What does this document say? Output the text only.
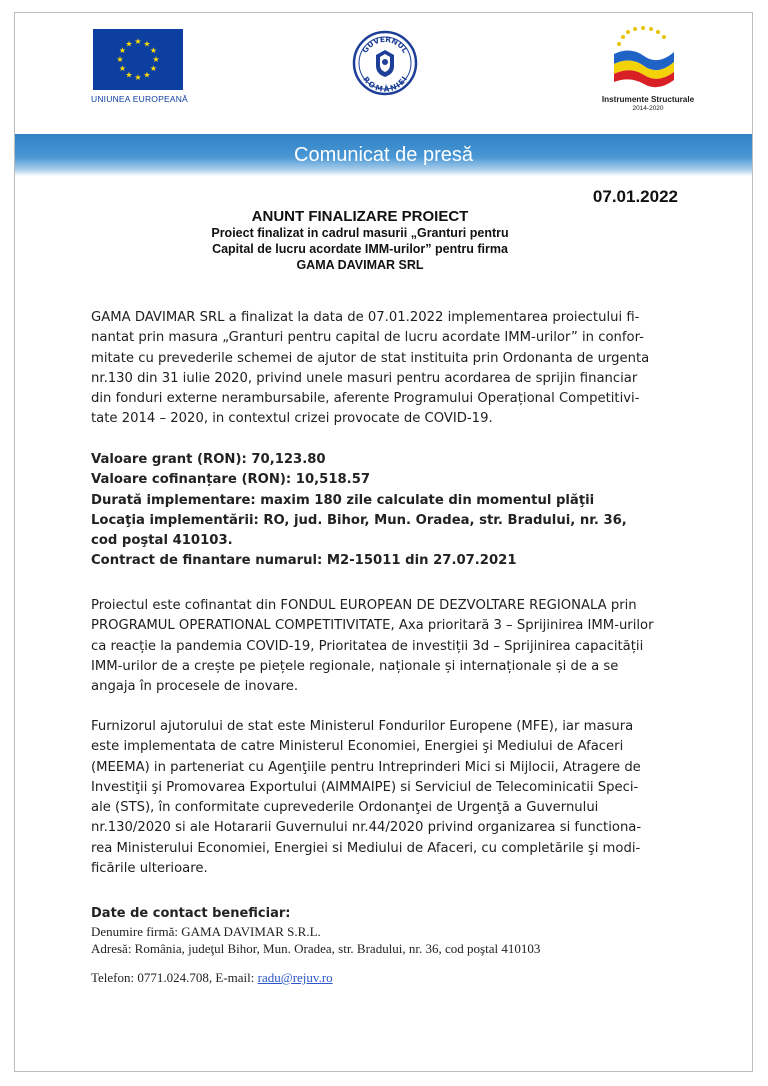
★ ★
★
★
★
★
★
★
★
★
★
★
UNIUNEA EUROPEANĂ
GUVERNUL
ROMÂNIEI
Instrumente Structurale
2014-2020
Comunicat de presă
07.01.2022
ANUNT FINALIZARE PROIECT
Proiect finalizat in cadrul masurii „Granturi pentru
Capital de lucru acordate IMM-urilor” pentru firma
GAMA DAVIMAR SRL
GAMA DAVIMAR SRL a finalizat la data de 07.01.2022 implementarea proiectului fi-
nantat prin masura „Granturi pentru capital de lucru acordate IMM-urilor” in confor-
mitate cu prevederile schemei de ajutor de stat instituita prin Ordonanta de urgenta
nr.130 din 31 iulie 2020, privind unele masuri pentru acordarea de sprijin financiar
din fonduri externe nerambursabile, aferente Programului Operațional Competitivi-
tate 2014 – 2020, in contextul crizei provocate de COVID-19.
Valoare grant (RON): 70,123.80
Valoare cofinanțare (RON): 10,518.57
Durată implementare: maxim 180 zile calculate din momentul plăţii
Locaţia implementării: RO, jud. Bihor, Mun. Oradea, str. Bradului, nr. 36,
cod poştal 410103.
Contract de finantare numarul: M2-15011 din 27.07.2021
Proiectul este cofinantat din FONDUL EUROPEAN DE DEZVOLTARE REGIONALA prin
PROGRAMUL OPERATIONAL COMPETITIVITATE, Axa prioritară 3 – Sprijinirea IMM-urilor
ca reacție la pandemia COVID-19, Prioritatea de investiții 3d – Sprijinirea capacității
IMM-urilor de a crește pe piețele regionale, naționale și internaționale și de a se
angaja în procesele de inovare.
Furnizorul ajutorului de stat este Ministerul Fondurilor Europene (MFE), iar masura
este implementata de catre Ministerul Economiei, Energiei şi Mediului de Afaceri
(MEEMA) in parteneriat cu Agenţiile pentru Intreprinderi Mici si Mijlocii, Atragere de
Investiţii şi Promovarea Exportului (AIMMAIPE) si Serviciul de Telecominicatii Speci-
ale (STS), în conformitate cuprevederile Ordonanţei de Urgenţă a Guvernului
nr.130/2020 si ale Hotararii Guvernului nr.44/2020 privind organizarea si functiona-
rea Ministerului Economiei, Energiei si Mediului de Afaceri, cu completările şi modi-
ficările ulterioare.
Date de contact beneficiar:
Denumire firmă: GAMA DAVIMAR S.R.L.
Adresă: România, judeţul Bihor, Mun. Oradea, str. Bradului, nr. 36, cod poştal 410103
Telefon: 0771.024.708, E-mail: radu@rejuv.ro
